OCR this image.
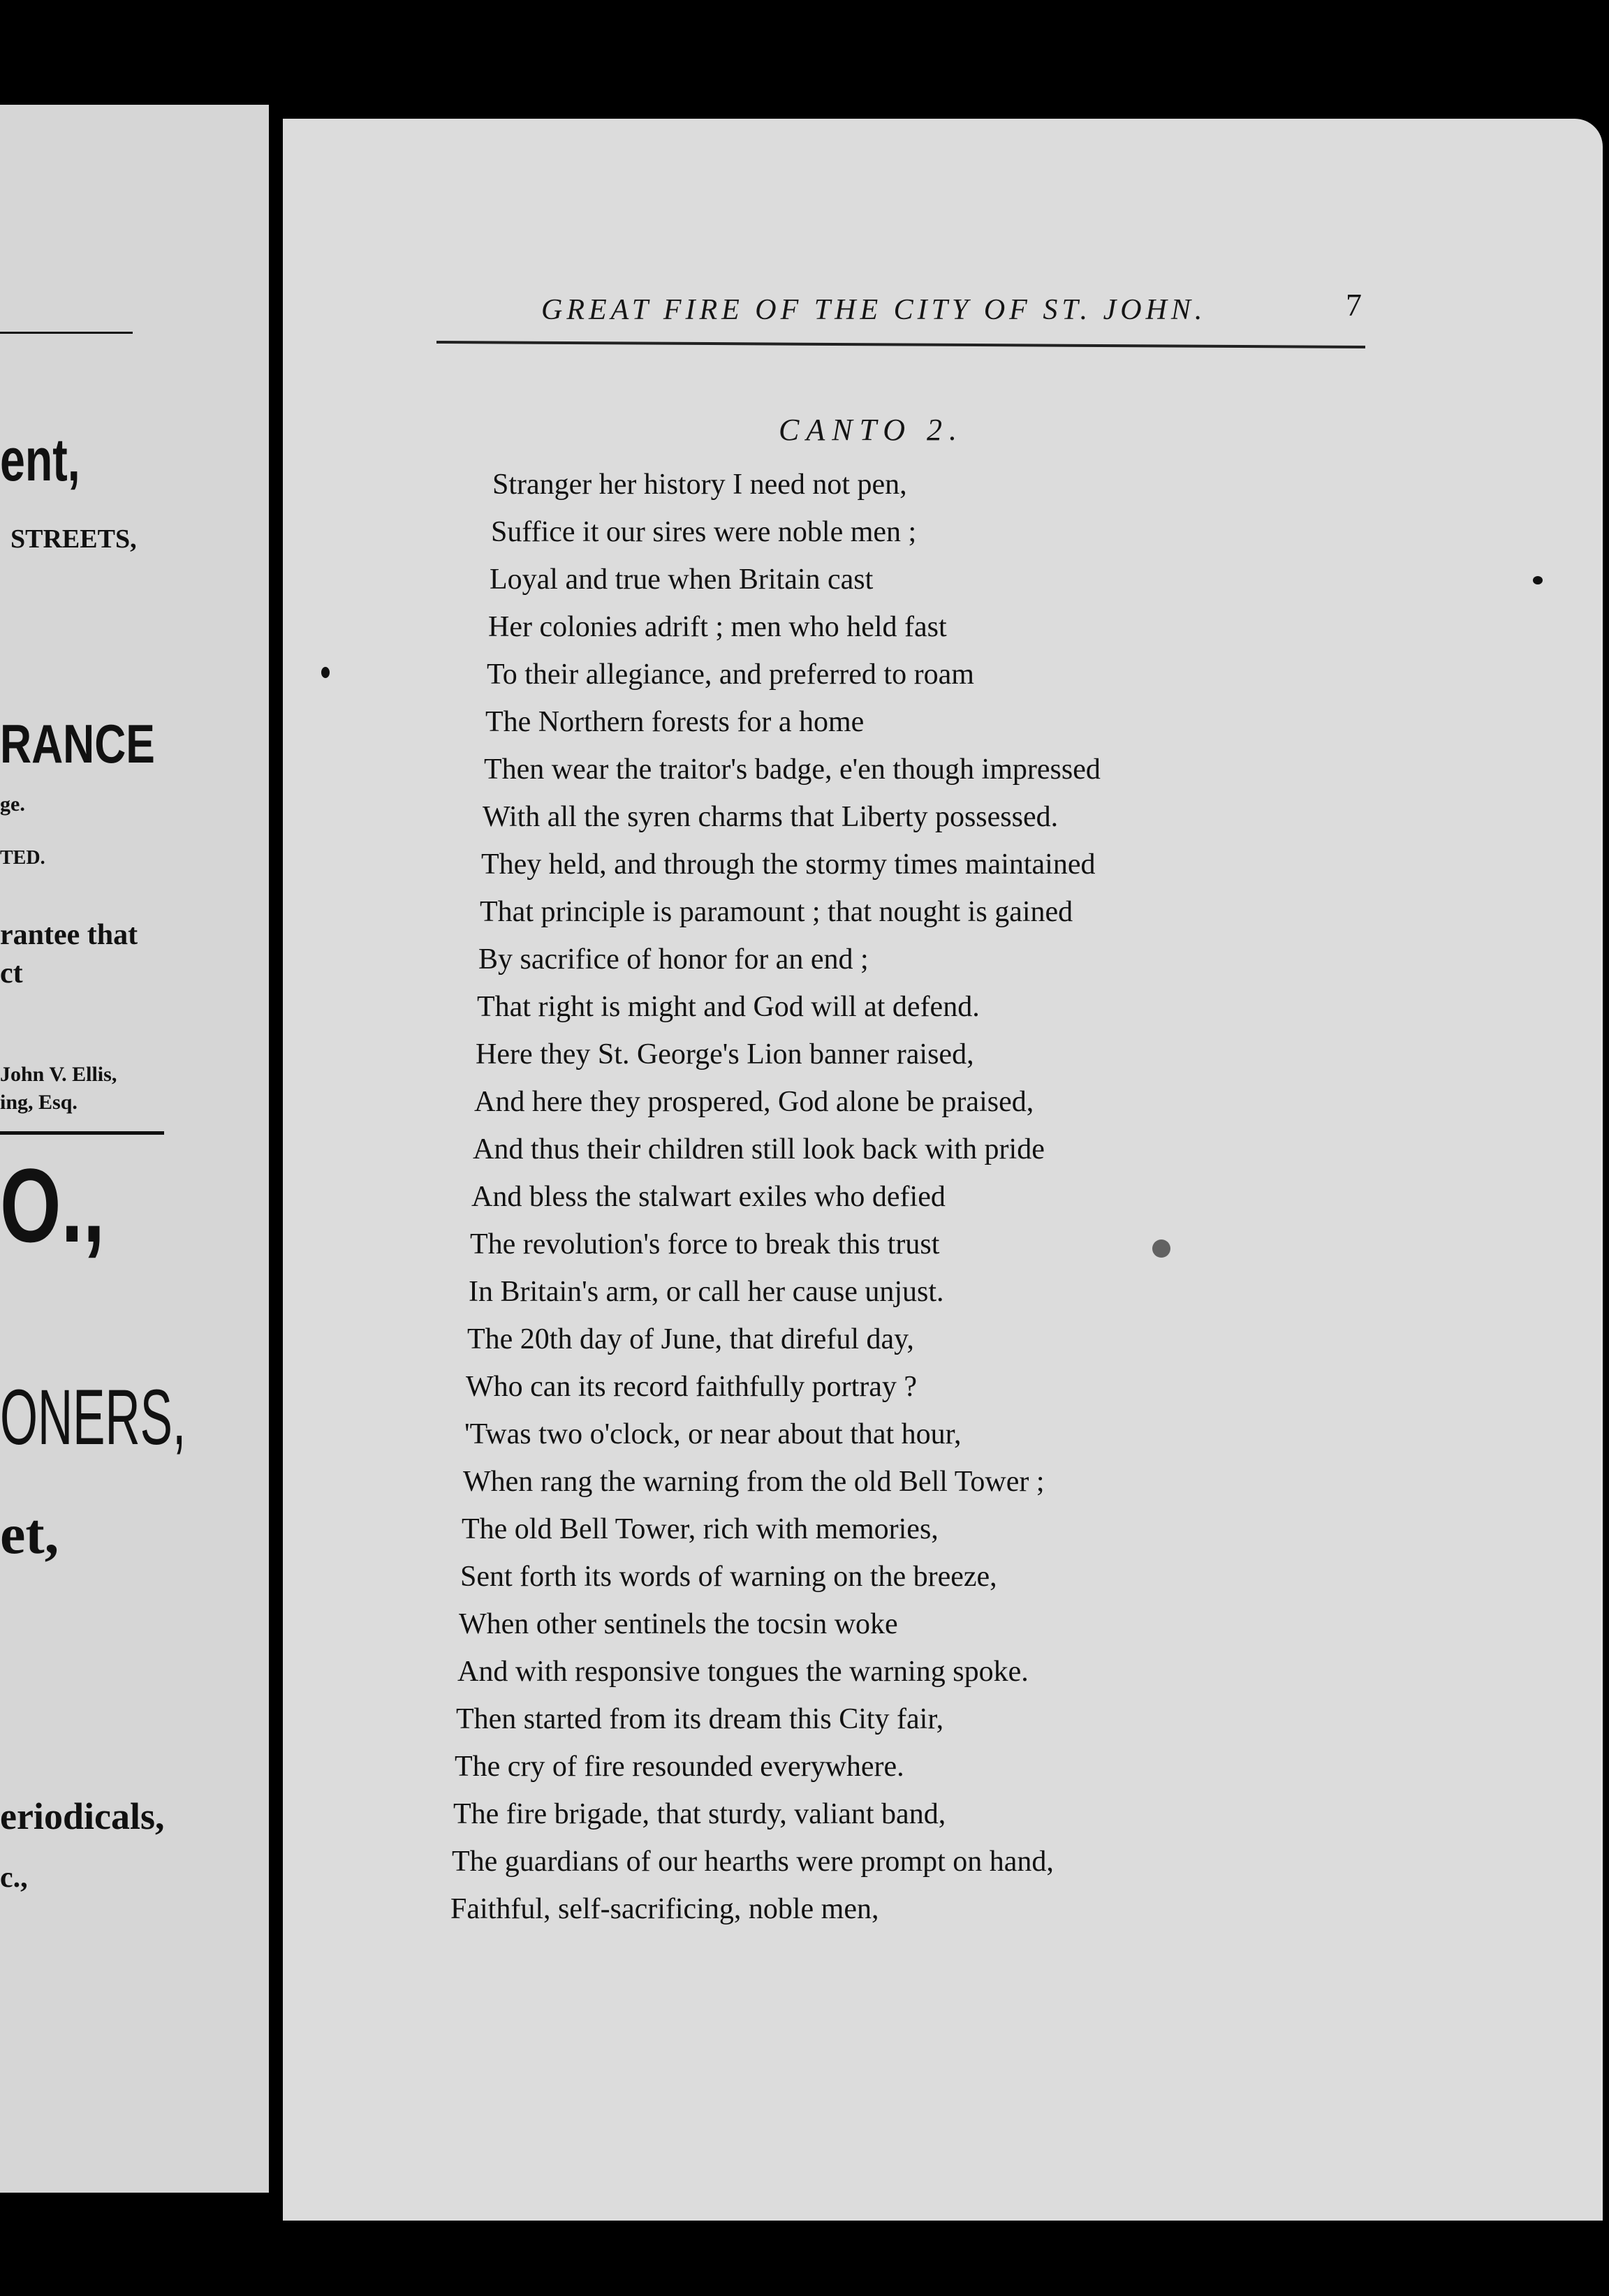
ent,
STREETS,
RANCE
ge.
TED.
rantee that
ct
John V. Ellis,
ing, Esq.
O.,
ONERS,
et,
eriodicals,
c.,
GREAT FIRE OF THE CITY OF ST. JOHN.	7
CANTO 2.
Stranger her history I need not pen,
Suffice it our sires were noble men ;
Loyal and true when Britain cast
Her colonies adrift ; men who held fast
To their allegiance, and preferred to roam
The Northern forests for a home
Then wear the traitor's badge, e'en though impressed
With all the syren charms that Liberty possessed.
They held, and through the stormy times maintained
That principle is paramount ; that nought is gained
By sacrifice of honor for an end ;
That right is might and God will at defend.
Here they St. George's Lion banner raised,
And here they prospered, God alone be praised,
And thus their children still look back with pride
And bless the stalwart exiles who defied
The revolution's force to break this trust
In Britain's arm, or call her cause unjust.
The 20th day of June, that direful day,
Who can its record faithfully portray ?
'Twas two o'clock, or near about that hour,
When rang the warning from the old Bell Tower ;
The old Bell Tower, rich with memories,
Sent forth its words of warning on the breeze,
When other sentinels the tocsin woke
And with responsive tongues the warning spoke.
Then started from its dream this City fair,
The cry of fire resounded everywhere.
The fire brigade, that sturdy, valiant band,
The guardians of our hearths were prompt on hand,
Faithful, self-sacrificing, noble men,
